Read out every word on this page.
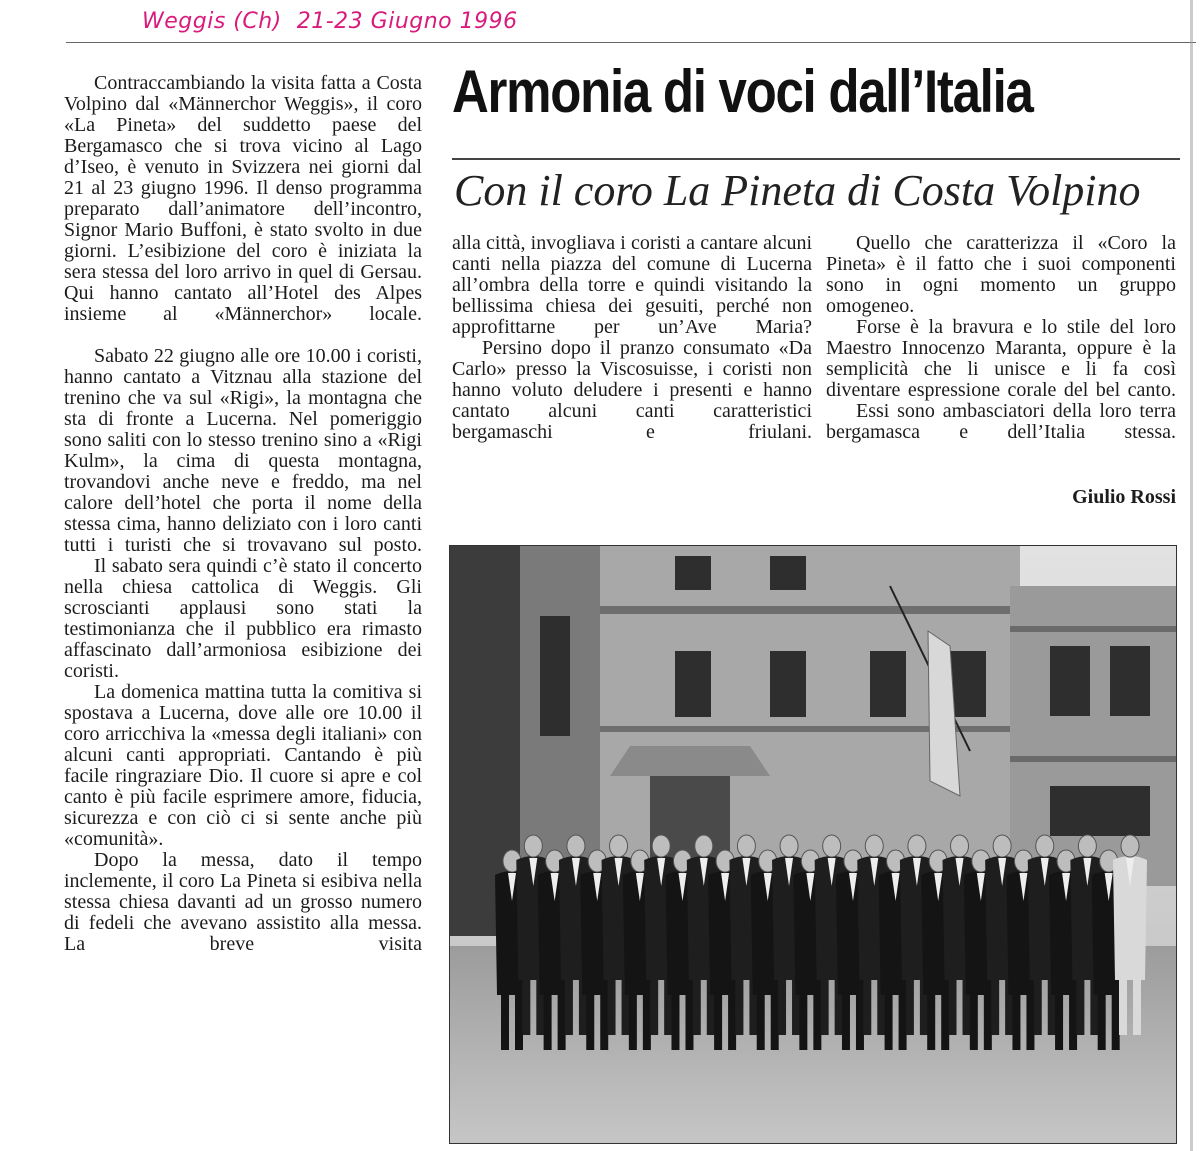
Weggis (Ch)  21-23 Giugno 1996
Armonia di voci dall’Italia
Con il coro La Pineta di Costa Volpino

Contraccambiando la visita fatta a Costa Volpino dal «Männerchor Weggis», il coro «La Pineta» del suddetto paese del Bergamasco che si trova vicino al Lago d’Iseo, è venuto in Svizzera nei giorni dal 21 al 23 giugno 1996. Il denso programma preparato dall’animatore dell’incontro, Signor Mario Buffoni, è stato svolto in due giorni. L’esibizione del coro è iniziata la sera stessa del loro arrivo in quel di Gersau. Qui hanno cantato all’Hotel des Alpes insieme al «Männerchor» locale.

Sabato 22 giugno alle ore 10.00 i coristi, hanno cantato a Vitznau alla stazione del trenino che va sul «Rigi», la montagna che sta di fronte a Lucerna. Nel pomeriggio sono saliti con lo stesso trenino sino a «Rigi Kulm», la cima di questa montagna, trovandovi anche neve e freddo, ma nel calore dell’hotel che porta il nome della stessa cima, hanno deliziato con i loro canti tutti i turisti che si trovavano sul posto.

Il sabato sera quindi c’è stato il concerto nella chiesa cattolica di Weggis. Gli scroscianti applausi sono stati la testimonianza che il pubblico era rimasto affascinato dall’armoniosa esibizione dei coristi.

La domenica mattina tutta la comitiva si spostava a Lucerna, dove alle ore 10.00 il coro arricchiva la «messa degli italiani» con alcuni canti appropriati. Cantando è più facile ringraziare Dio. Il cuore si apre e col canto è più facile esprimere amore, fiducia, sicurezza e con ciò ci si sente anche più «comunità».

Dopo la messa, dato il tempo inclemente, il coro La Pineta si esibiva nella stessa chiesa davanti ad un grosso numero di fedeli che avevano assistito alla messa. La breve visita

alla città, invogliava i coristi a cantare alcuni canti nella piazza del comune di Lucerna all’ombra della torre e quindi visitando la bellissima chiesa dei gesuiti, perché non approfittarne per un’Ave Maria?

Persino dopo il pranzo consumato «Da Carlo» presso la Viscosuisse, i coristi non hanno voluto deludere i presenti e hanno cantato alcuni canti caratteristici bergamaschi e friulani.

Quello che caratterizza il «Coro la Pineta» è il fatto che i suoi componenti sono in ogni momento un gruppo omogeneo.

Forse è la bravura e lo stile del loro Maestro Innocenzo Maranta, oppure è la semplicità che li unisce e li fa così diventare espressione corale del bel canto.

Essi sono ambasciatori della loro terra bergamasca e dell’Italia stessa.

Giulio Rossi
